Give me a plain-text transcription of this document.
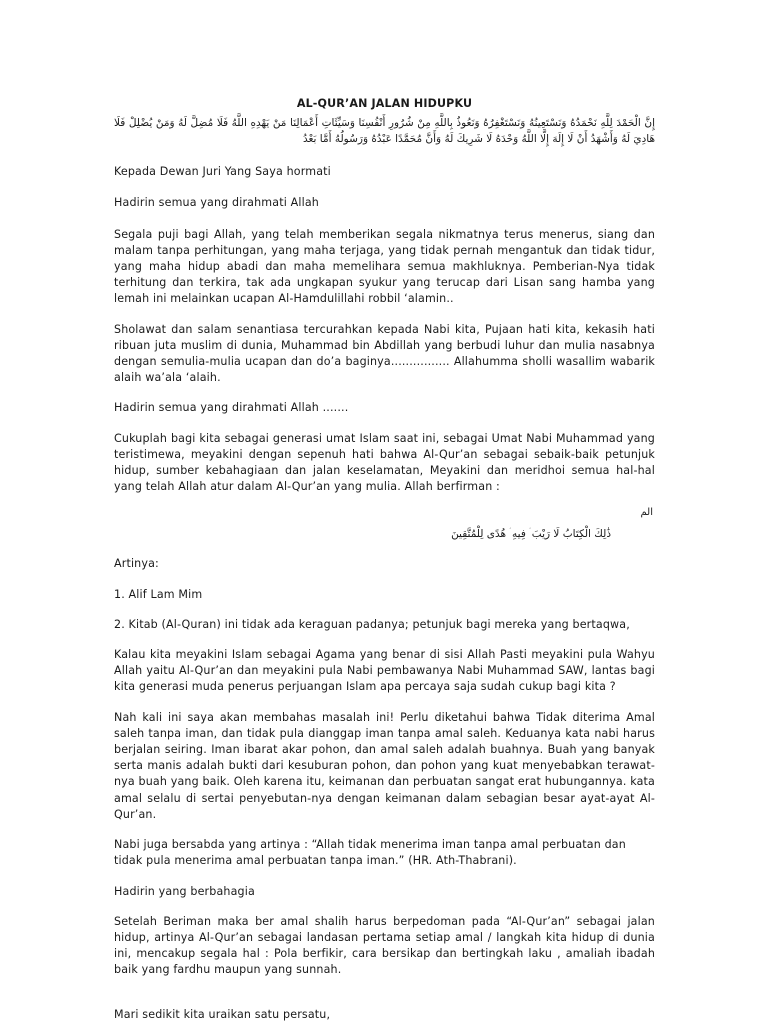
AL-QUR’AN JALAN HIDUPKU
إِنَّ الْحَمْدَ لِلَّهِ نَحْمَدُهُ وَنَسْتَعِينُهُ وَنَسْتَغْفِرُهُ وَنَعُوذُ بِاللَّهِ مِنْ شُرُورِ أَنْفُسِنَا وَسَيِّئَاتِ أَعْمَالِنَا مَنْ يَهْدِهِ اللَّهُ فَلَا مُضِلَّ لَهُ وَمَنْ يُضْلِلْ فَلَا هَادِيَ لَهُ وَأَشْهَدُ أَنْ لَا إِلَهَ إِلَّا اللَّهُ وَحْدَهُ لَا شَرِيكَ لَهُ وَأَنَّ مُحَمَّدًا عَبْدُهُ وَرَسُولُهُ أَمَّا بَعْدُ

Kepada Dewan Juri Yang Saya hormati

Hadirin semua yang dirahmati Allah

Segala puji bagi Allah, yang telah memberikan segala nikmatnya terus menerus, siang dan malam tanpa perhitungan, yang maha terjaga, yang tidak pernah mengantuk dan tidak tidur, yang maha hidup abadi dan maha memelihara semua makhluknya. Pemberian-Nya tidak terhitung dan terkira, tak ada ungkapan syukur yang terucap dari Lisan sang hamba yang lemah ini melainkan ucapan Al-Hamdulillahi robbil ‘alamin..

Sholawat dan salam senantiasa tercurahkan kepada Nabi kita, Pujaan hati kita, kekasih hati ribuan juta muslim di dunia, Muhammad bin Abdillah yang berbudi luhur dan mulia nasabnya dengan semulia-mulia ucapan dan do’a baginya................ Allahumma sholli wasallim wabarik alaih wa’ala ‘alaih.

Hadirin semua yang dirahmati Allah .......

Cukuplah bagi kita sebagai generasi umat Islam saat ini, sebagai Umat Nabi Muhammad yang teristimewa, meyakini dengan sepenuh hati bahwa Al-Qur’an sebagai sebaik-baik petunjuk hidup, sumber kebahagiaan dan jalan keselamatan, Meyakini dan meridhoi semua hal-hal yang telah Allah atur dalam Al-Qur’an yang mulia. Allah berfirman :

الم
ذَٰلِكَ الْكِتَابُ لَا رَيْبَ ۛ فِيهِ ۛ هُدًى لِلْمُتَّقِينَ

Artinya:

1. Alif Lam Mim

2. Kitab (Al-Quran) ini tidak ada keraguan padanya; petunjuk bagi mereka yang bertaqwa,

Kalau kita meyakini Islam sebagai Agama yang benar di sisi Allah Pasti meyakini pula Wahyu Allah yaitu Al-Qur’an dan meyakini pula Nabi pembawanya Nabi Muhammad SAW, lantas bagi kita generasi muda penerus perjuangan Islam apa percaya saja sudah cukup bagi kita ?

Nah kali ini saya akan membahas masalah ini! Perlu diketahui bahwa Tidak diterima Amal saleh tanpa iman, dan tidak pula dianggap iman tanpa amal saleh. Keduanya kata nabi harus berjalan seiring. Iman ibarat akar pohon, dan amal saleh adalah buahnya. Buah yang banyak serta manis adalah bukti dari kesuburan pohon, dan pohon yang kuat menyebabkan terawat-nya buah yang baik. Oleh karena itu, keimanan dan perbuatan sangat erat hubungannya. kata amal selalu di sertai penyebutan-nya dengan keimanan dalam sebagian besar ayat-ayat Al-Qur’an.

Nabi juga bersabda yang artinya : “Allah tidak menerima iman tanpa amal perbuatan dan tidak pula menerima amal perbuatan tanpa iman.” (HR. Ath-Thabrani).

Hadirin yang berbahagia

Setelah Beriman maka ber amal shalih harus berpedoman pada “Al-Qur’an” sebagai jalan hidup, artinya Al-Qur’an sebagai landasan pertama setiap amal / langkah kita hidup di dunia ini, mencakup segala hal : Pola berfikir, cara bersikap dan bertingkah laku , amaliah ibadah baik yang fardhu maupun yang sunnah.

Mari sedikit kita uraikan satu persatu,
